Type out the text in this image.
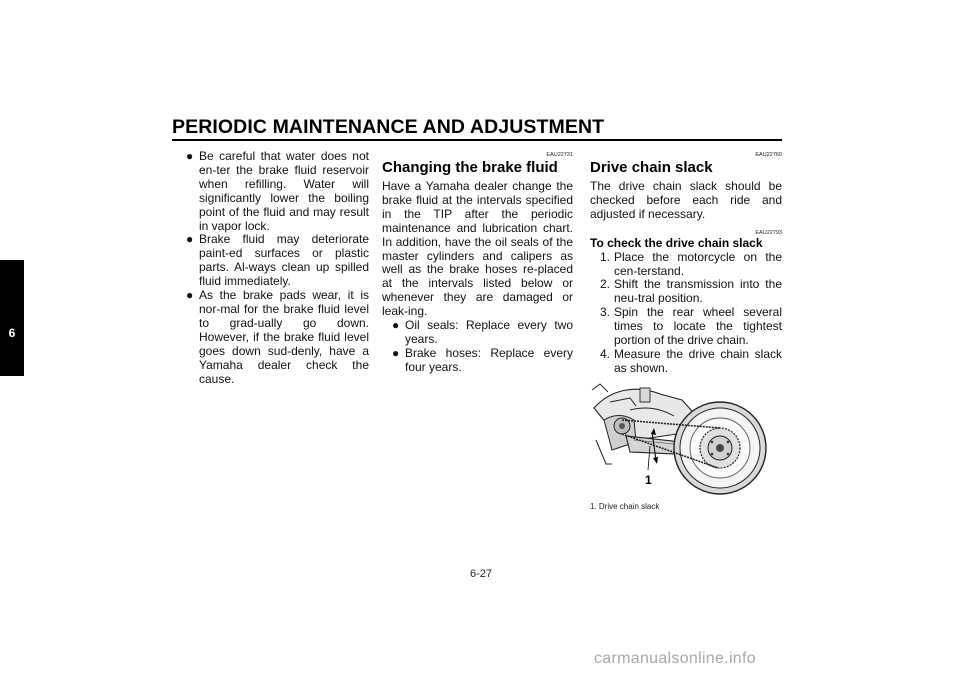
PERIODIC MAINTENANCE AND ADJUSTMENT
6
● Be careful that water does not en-ter the brake fluid reservoir when refilling. Water will significantly lower the boiling point of the fluid and may result in vapor lock.
● Brake fluid may deteriorate paint-ed surfaces or plastic parts. Al-ways clean up spilled fluid immediately.
● As the brake pads wear, it is nor-mal for the brake fluid level to grad-ually go down. However, if the brake fluid level goes down sud-denly, have a Yamaha dealer check the cause.
EAU22731
Changing the brake fluid

Have a Yamaha dealer change the brake fluid at the intervals specified in the TIP after the periodic maintenance and lubrication chart. In addition, have the oil seals of the master cylinders and calipers as well as the brake hoses re-placed at the intervals listed below or whenever they are damaged or leak-ing.

● Oil seals: Replace every two years.
● Brake hoses: Replace every four years.
EAU22760
Drive chain slack

The drive chain slack should be checked before each ride and adjusted if necessary.

EAU22793
To check the drive chain slack
1. Place the motorcycle on the cen-terstand.
2. Shift the transmission into the neu-tral position.
3. Spin the rear wheel several times to locate the tightest portion of the drive chain.
4. Measure the drive chain slack as shown.
1
1. Drive chain slack
6-27
carmanualsonline.info
